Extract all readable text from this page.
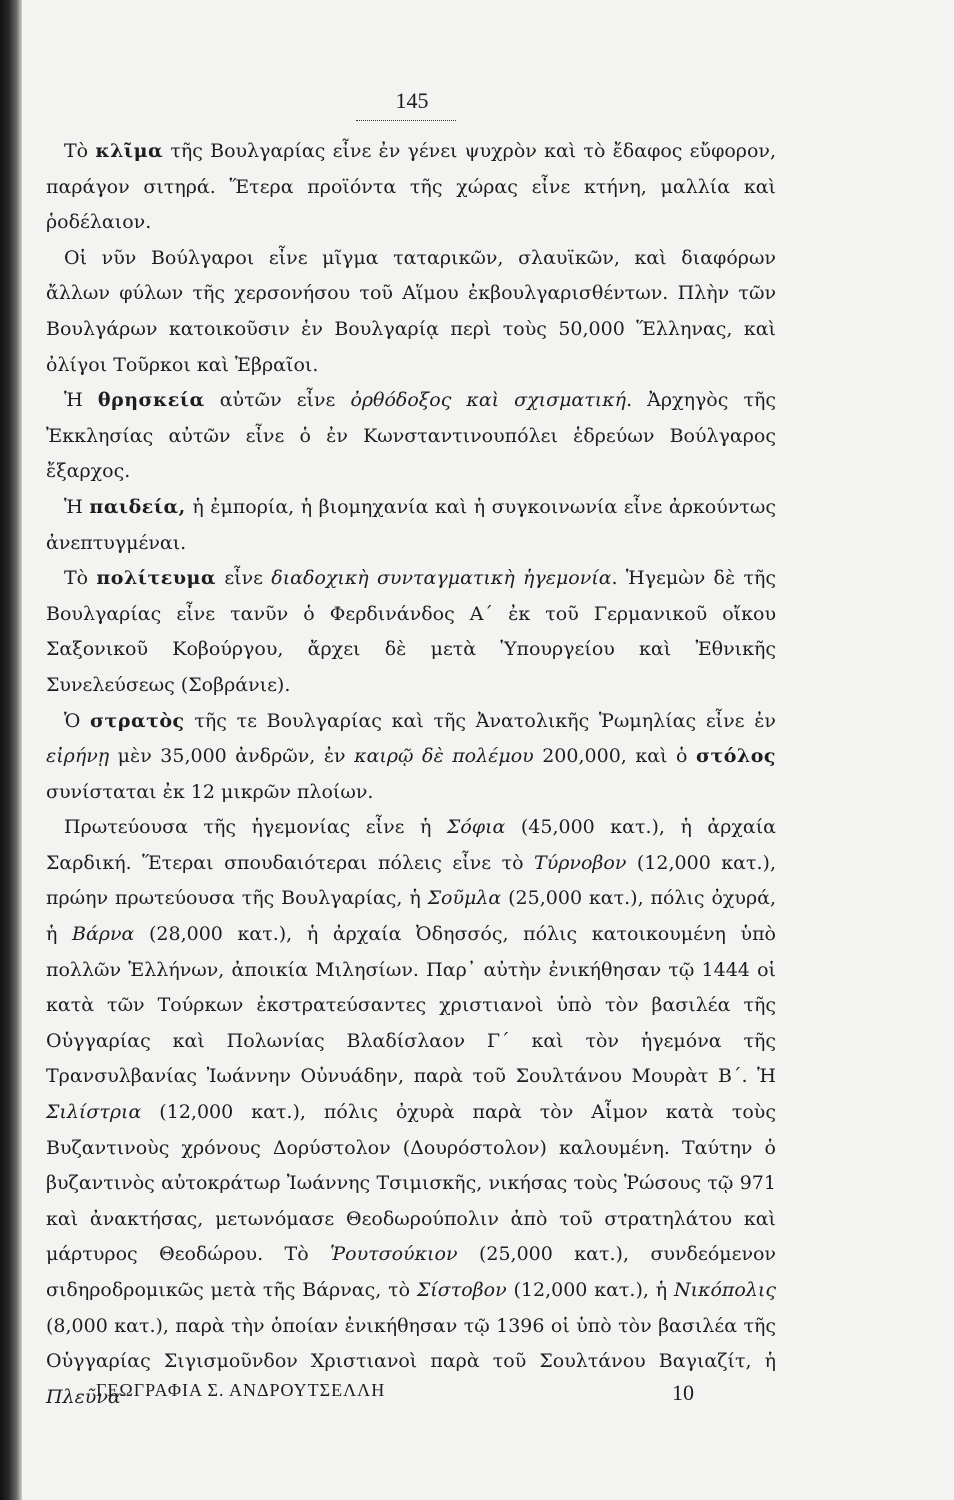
145

Τὸ κλῖμα τῆς Βουλγαρίας εἶνε ἐν γένει ψυχρὸν καὶ τὸ ἔδαφος εὔφορον, παράγον σιτηρά. Ἕτερα προϊόντα τῆς χώρας εἶνε κτήνη, μαλλία καὶ ῥοδέλαιον.

Οἱ νῦν Βούλγαροι εἶνε μῖγμα ταταρικῶν, σλαυϊκῶν, καὶ διαφόρων ἄλλων φύλων τῆς χερσονήσου τοῦ Αἵμου ἐκβουλγαρισθέντων. Πλὴν τῶν Βουλγάρων κατοικοῦσιν ἐν Βουλγαρίᾳ περὶ τοὺς 50,000 Ἕλληνας, καὶ ὀλίγοι Τοῦρκοι καὶ Ἑβραῖοι.

Ἡ θρησκεία αὐτῶν εἶνε ὀρθόδοξος καὶ σχισματική. Ἀρχηγὸς τῆς Ἐκκλησίας αὐτῶν εἶνε ὁ ἐν Κωνσταντινουπόλει ἑδρεύων Βούλγαρος ἔξαρχος.

Ἡ παιδεία, ἡ ἐμπορία, ἡ βιομηχανία καὶ ἡ συγκοινωνία εἶνε ἀρκούντως ἀνεπτυγμέναι.

Τὸ πολίτευμα εἶνε διαδοχικὴ συνταγματικὴ ἡγεμονία. Ἡγεμὼν δὲ τῆς Βουλγαρίας εἶνε τανῦν ὁ Φερδινάνδος Α΄ ἐκ τοῦ Γερμανικοῦ οἴκου Σαξονικοῦ Κοβούργου, ἄρχει δὲ μετὰ Ὑπουργείου καὶ Ἐθνικῆς Συνελεύσεως (Σοβράνιε).

Ὁ στρατὸς τῆς τε Βουλγαρίας καὶ τῆς Ἀνατολικῆς Ῥωμηλίας εἶνε ἐν εἰρήνῃ μὲν 35,000 ἀνδρῶν, ἐν καιρῷ δὲ πολέμου 200,000, καὶ ὁ στόλος συνίσταται ἐκ 12 μικρῶν πλοίων.

Πρωτεύουσα τῆς ἡγεμονίας εἶνε ἡ Σόφια (45,000 κατ.), ἡ ἀρχαία Σαρδική. Ἕτεραι σπουδαιότεραι πόλεις εἶνε τὸ Τύρνοβον (12,000 κατ.), πρώην πρωτεύουσα τῆς Βουλγαρίας, ἡ Σοῦμλα (25,000 κατ.), πόλις ὀχυρά, ἡ Βάρνα (28,000 κατ.), ἡ ἀρχαία Ὀδησσός, πόλις κατοικουμένη ὑπὸ πολλῶν Ἑλλήνων, ἀποικία Μιλησίων. Παρ᾽ αὐτὴν ἐνικήθησαν τῷ 1444 οἱ κατὰ τῶν Τούρκων ἐκστρατεύσαντες χριστιανοὶ ὑπὸ τὸν βασιλέα τῆς Οὑγγαρίας καὶ Πολωνίας Βλαδίσλαον Γ΄ καὶ τὸν ἡγεμόνα τῆς Τρανσυλβανίας Ἰωάννην Οὐνυάδην, παρὰ τοῦ Σουλτάνου Μουρὰτ Β΄. Ἡ Σιλίστρια (12,000 κατ.), πόλις ὀχυρὰ παρὰ τὸν Αἷμον κατὰ τοὺς Βυζαντινοὺς χρόνους Δορύστολον (Δουρόστολον) καλουμένη. Ταύτην ὁ βυζαντινὸς αὐτοκράτωρ Ἰωάννης Τσιμισκῆς, νικήσας τοὺς Ῥώσους τῷ 971 καὶ ἀνακτήσας, μετωνόμασε Θεοδωρούπολιν ἀπὸ τοῦ στρατηλάτου καὶ μάρτυρος Θεοδώρου. Τὸ Ῥουτσούκιον (25,000 κατ.), συνδεόμενον σιδηροδρομικῶς μετὰ τῆς Βάρνας, τὸ Σίστοβον (12,000 κατ.), ἡ Νικόπολις (8,000 κατ.), παρὰ τὴν ὁποίαν ἐνικήθησαν τῷ 1396 οἱ ὑπὸ τὸν βασιλέα τῆς Οὑγγαρίας Σιγισμοῦνδον Χριστιανοὶ παρὰ τοῦ Σουλτάνου Βαγιαζίτ, ἡ Πλεῦνα

ΓΕΩΓΡΑΦΙΑ Σ. ΑΝΔΡΟΥΤΣΕΛΛΗ	10
